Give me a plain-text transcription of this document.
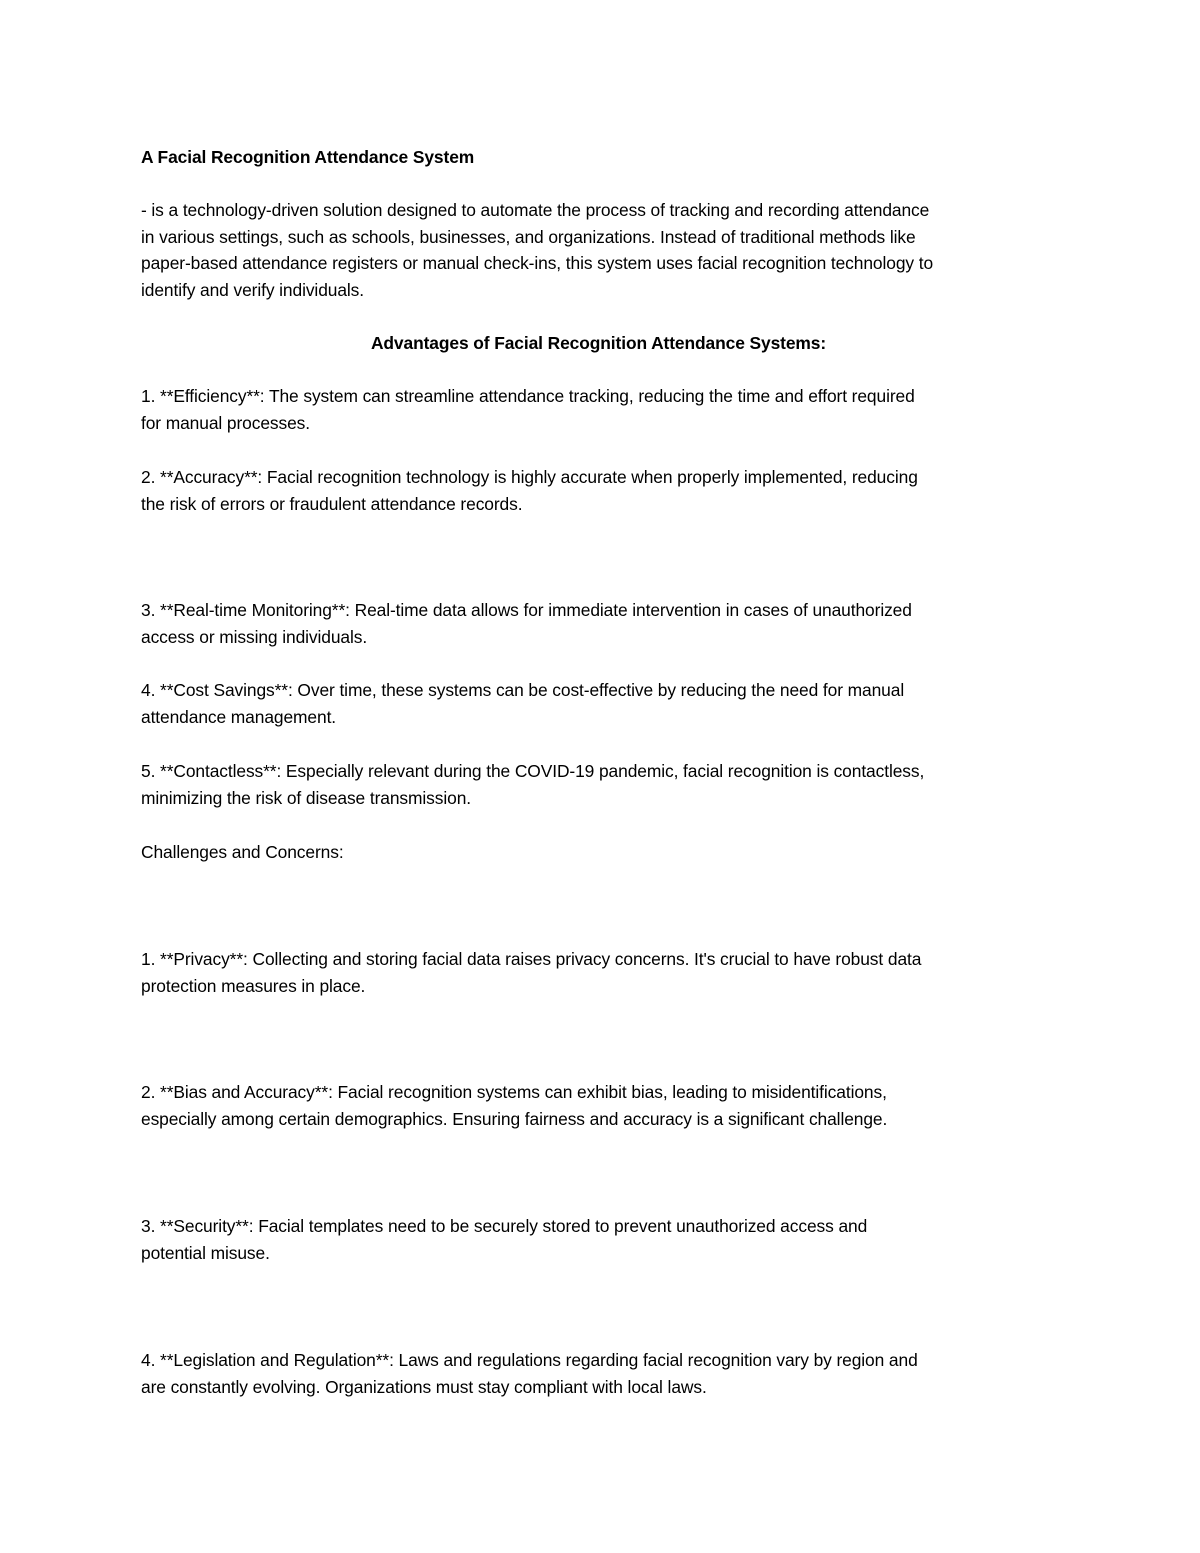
A Facial Recognition Attendance System

- is a technology-driven solution designed to automate the process of tracking and recording attendance

in various settings, such as schools, businesses, and organizations. Instead of traditional methods like

paper-based attendance registers or manual check-ins, this system uses facial recognition technology to

identify and verify individuals.

Advantages of Facial Recognition Attendance Systems:

1. **Efficiency**: The system can streamline attendance tracking, reducing the time and effort required

for manual processes.

2. **Accuracy**: Facial recognition technology is highly accurate when properly implemented, reducing

the risk of errors or fraudulent attendance records.

3. **Real-time Monitoring**: Real-time data allows for immediate intervention in cases of unauthorized

access or missing individuals.

4. **Cost Savings**: Over time, these systems can be cost-effective by reducing the need for manual

attendance management.

5. **Contactless**: Especially relevant during the COVID-19 pandemic, facial recognition is contactless,

minimizing the risk of disease transmission.

Challenges and Concerns:

1. **Privacy**: Collecting and storing facial data raises privacy concerns. It's crucial to have robust data

protection measures in place.

2. **Bias and Accuracy**: Facial recognition systems can exhibit bias, leading to misidentifications,

especially among certain demographics. Ensuring fairness and accuracy is a significant challenge.

3. **Security**: Facial templates need to be securely stored to prevent unauthorized access and

potential misuse.

4. **Legislation and Regulation**: Laws and regulations regarding facial recognition vary by region and

are constantly evolving. Organizations must stay compliant with local laws.
